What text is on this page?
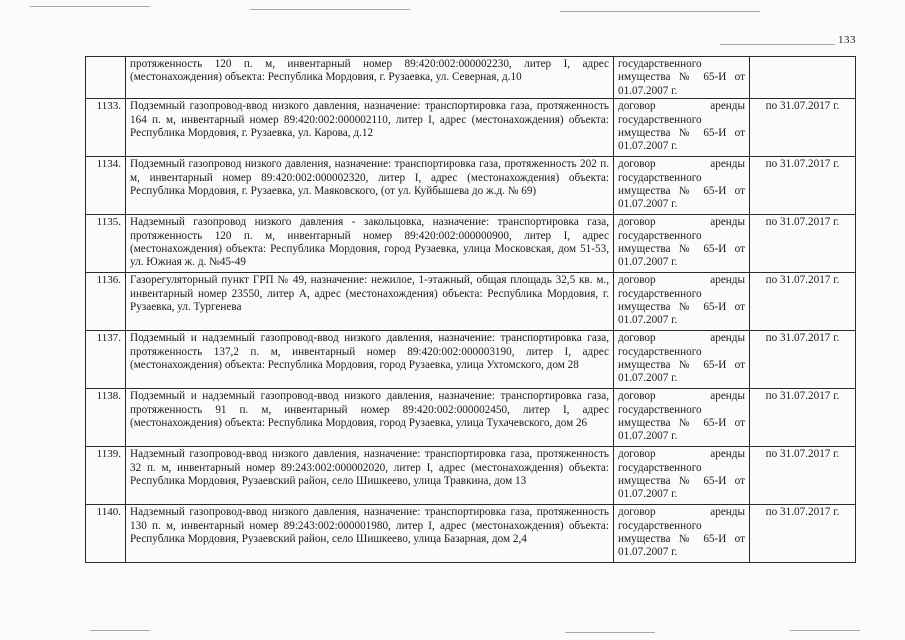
133
	протяженность 120 п. м, инвентарный номер 89:420:002:000002230, литер I, адрес (местонахождения) объекта: Республика Мордовия, г. Рузаевка, ул. Северная, д.10	государственного имущества № 65-И от 01.07.2007 г.	
1133.	Подземный газопровод-ввод низкого давления, назначение: транспортировка газа, протяженность 164 п. м, инвентарный номер 89:420:002:000002110, литер I, адрес (местонахождения) объекта: Республика Мордовия, г. Рузаевка, ул. Карова, д.12	договор аренды государственного имущества № 65-И от 01.07.2007 г.	по 31.07.2017 г.
1134.	Подземный газопровод низкого давления, назначение: транспортировка газа, протяженность 202 п. м, инвентарный номер 89:420:002:000002320, литер I, адрес (местонахождения) объекта: Республика Мордовия, г. Рузаевка, ул. Маяковского, (от ул. Куйбышева до ж.д. № 69)	договор аренды государственного имущества № 65-И от 01.07.2007 г.	по 31.07.2017 г.
1135.	Надземный газопровод низкого давления - закольцовка, назначение: транспортировка газа, протяженность 120 п. м, инвентарный номер 89:420:002:000000900, литер I, адрес (местонахождения) объекта: Республика Мордовия, город Рузаевка, улица Московская, дом 51-53, ул. Южная ж. д. №45-49	договор аренды государственного имущества № 65-И от 01.07.2007 г.	по 31.07.2017 г.
1136.	Газорегуляторный пункт ГРП № 49, назначение: нежилое, 1-этажный, общая площадь 32,5 кв. м., инвентарный номер 23550, литер А, адрес (местонахождения) объекта: Республика Мордовия, г. Рузаевка, ул. Тургенева	договор аренды государственного имущества № 65-И от 01.07.2007 г.	по 31.07.2017 г.
1137.	Подземный и надземный газопровод-ввод низкого давления, назначение: транспортировка газа, протяженность 137,2 п. м, инвентарный номер 89:420:002:000003190, литер I, адрес (местонахождения) объекта: Республика Мордовия, город Рузаевка, улица Ухтомского, дом 28	договор аренды государственного имущества № 65-И от 01.07.2007 г.	по 31.07.2017 г.
1138.	Подземный и надземный газопровод-ввод низкого давления, назначение: транспортировка газа, протяженность 91 п. м, инвентарный номер 89:420:002:000002450, литер I, адрес (местонахождения) объекта: Республика Мордовия, город Рузаевка, улица Тухачевского, дом 26	договор аренды государственного имущества № 65-И от 01.07.2007 г.	по 31.07.2017 г.
1139.	Надземный газопровод-ввод низкого давления, назначение: транспортировка газа, протяженность 32 п. м, инвентарный номер 89:243:002:000002020, литер I, адрес (местонахождения) объекта: Республика Мордовия, Рузаевский район, село Шишкеево, улица Травкина, дом 13	договор аренды государственного имущества № 65-И от 01.07.2007 г.	по 31.07.2017 г.
1140.	Надземный газопровод-ввод низкого давления, назначение: транспортировка газа, протяженность 130 п. м, инвентарный номер 89:243:002:000001980, литер I, адрес (местонахождения) объекта: Республика Мордовия, Рузаевский район, село Шишкеево, улица Базарная, дом 2,4	договор аренды государственного имущества № 65-И от 01.07.2007 г.	по 31.07.2017 г.
